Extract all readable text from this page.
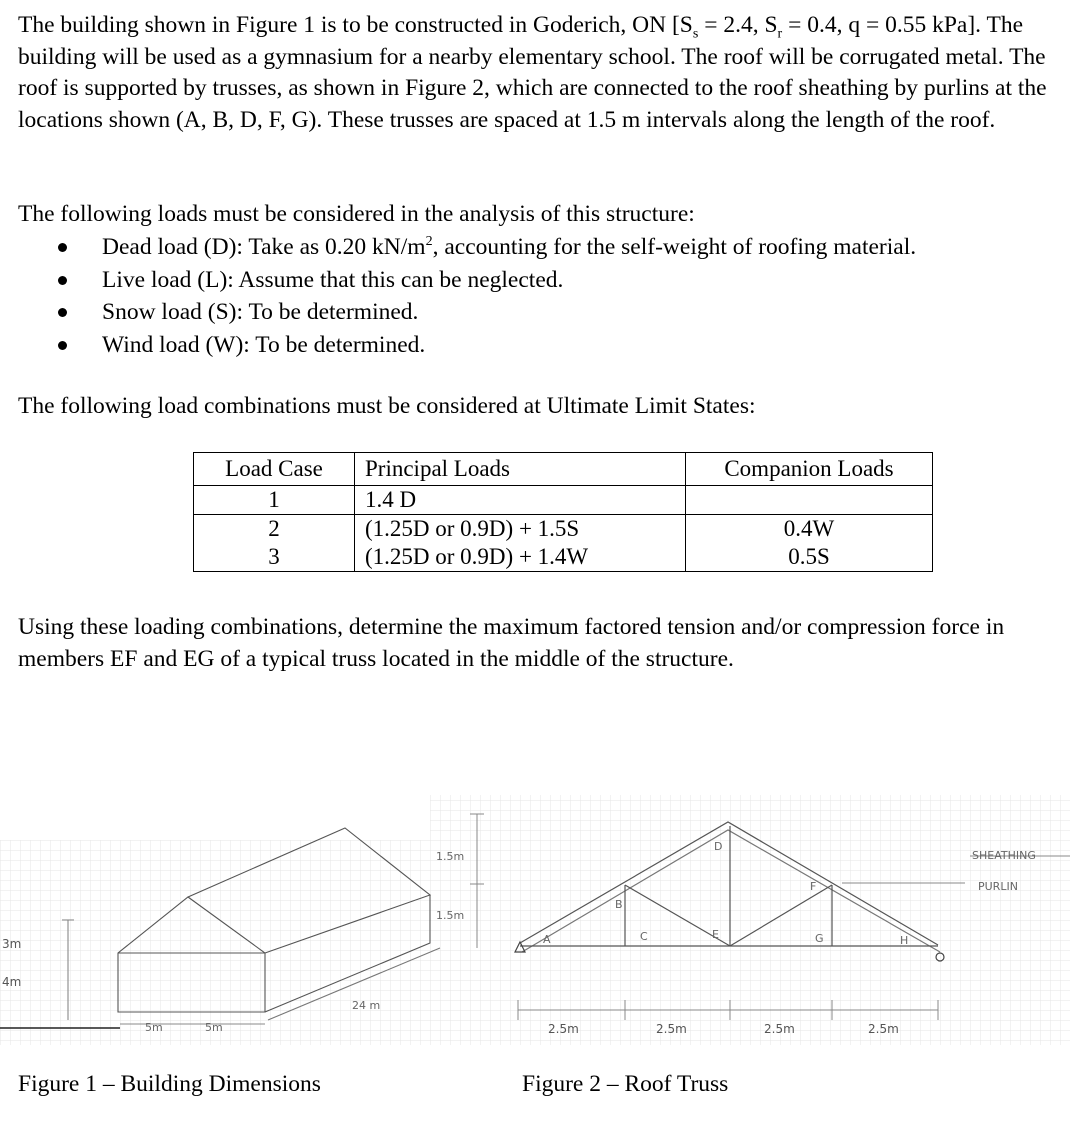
The building shown in Figure 1 is to be constructed in Goderich, ON [$S_s = 2.4$, $S_r = 0.4$, q = 0.55 kPa]. The building will be used as a gymnasium for a nearby elementary school. The roof will be corrugated metal. The roof is supported by trusses, as shown in Figure 2, which are connected to the roof sheathing by purlins at the locations shown (A, B, D, F, G). These trusses are spaced at 1.5 m intervals along the length of the roof.
The following loads must be considered in the analysis of this structure:
Dead load (D): Take as 0.20 $kN/m^2$, accounting for the self-weight of roofing material.
Live load (L): Assume that this can be neglected.
Snow load (S): To be determined.
Wind load (W): To be determined.
The following load combinations must be considered at Ultimate Limit States:
Load Case	Principal Loads	Companion Loads
1	1.4 D	
2	(1.25D or 0.9D) + 1.5S	0.4W
3	(1.25D or 0.9D) + 1.4W	0.5S
Using these loading combinations, determine the maximum factored tension and/or compression force in members EF and EG of a typical truss located in the middle of the structure.
3m
4m
5m	5m
24 m
1.5m
1.5m
2.5m	2.5m	2.5m	2.5m
A
B
C
D
E
F
G	H
SHEATHING
PURLIN
Figure 1 – Building Dimensions	Figure 2 – Roof Truss
